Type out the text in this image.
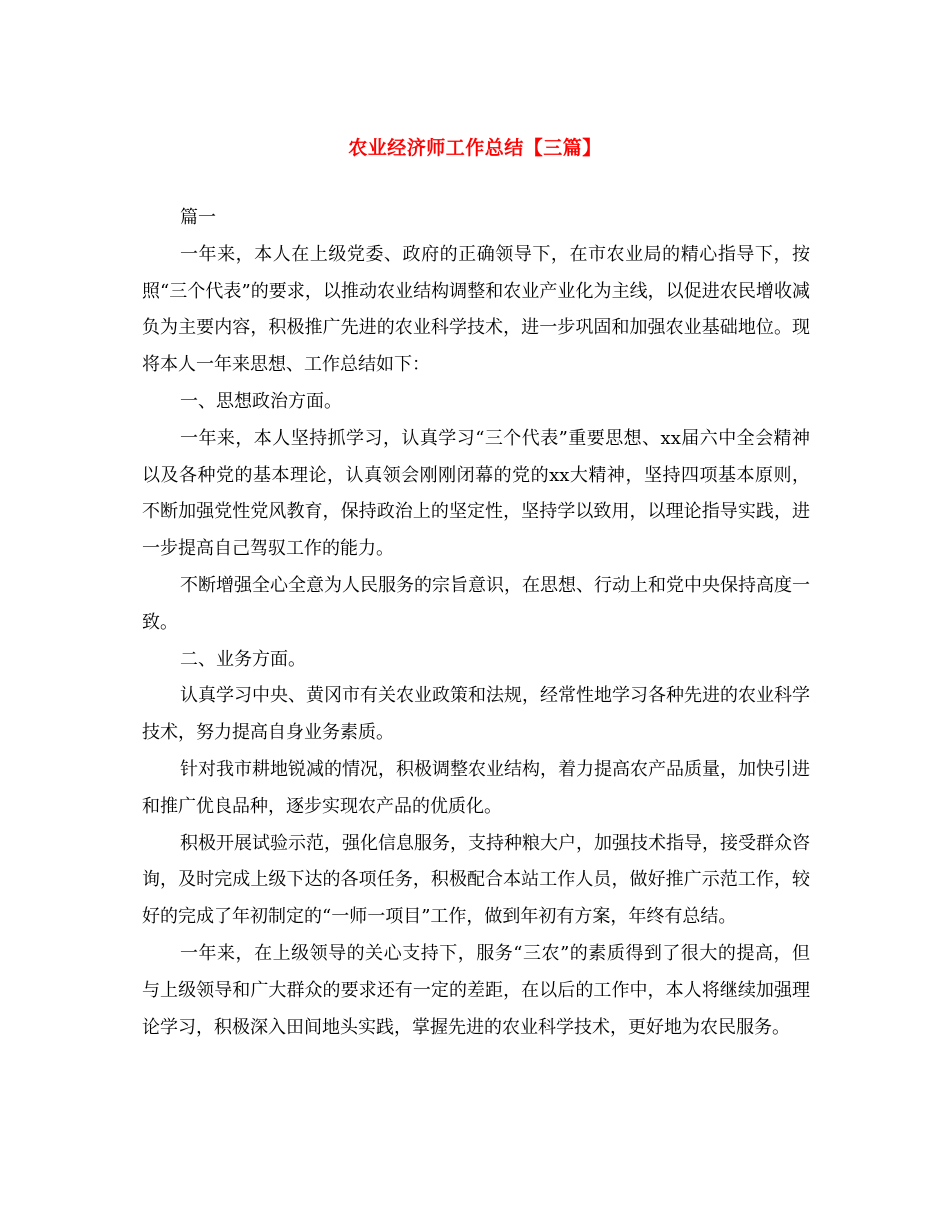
农业经济师工作总结【三篇】

篇一

一年来，本人在上级党委、政府的正确领导下，在市农业局的精心指导下，按照“三个代表”的要求，以推动农业结构调整和农业产业化为主线，以促进农民增收减负为主要内容，积极推广先进的农业科学技术，进一步巩固和加强农业基础地位。现将本人一年来思想、工作总结如下：

一、思想政治方面。

一年来，本人坚持抓学习，认真学习“三个代表”重要思想、xx届六中全会精神以及各种党的基本理论，认真领会刚刚闭幕的党的xx大精神，坚持四项基本原则，不断加强党性党风教育，保持政治上的坚定性，坚持学以致用，以理论指导实践，进一步提高自己驾驭工作的能力。

不断增强全心全意为人民服务的宗旨意识，在思想、行动上和党中央保持高度一致。

二、业务方面。

认真学习中央、黄冈市有关农业政策和法规，经常性地学习各种先进的农业科学技术，努力提高自身业务素质。

针对我市耕地锐减的情况，积极调整农业结构，着力提高农产品质量，加快引进和推广优良品种，逐步实现农产品的优质化。

积极开展试验示范，强化信息服务，支持种粮大户，加强技术指导，接受群众咨询，及时完成上级下达的各项任务，积极配合本站工作人员，做好推广示范工作，较好的完成了年初制定的“一师一项目”工作，做到年初有方案，年终有总结。

一年来，在上级领导的关心支持下，服务“三农”的素质得到了很大的提高，但与上级领导和广大群众的要求还有一定的差距，在以后的工作中，本人将继续加强理论学习，积极深入田间地头实践，掌握先进的农业科学技术，更好地为农民服务。
